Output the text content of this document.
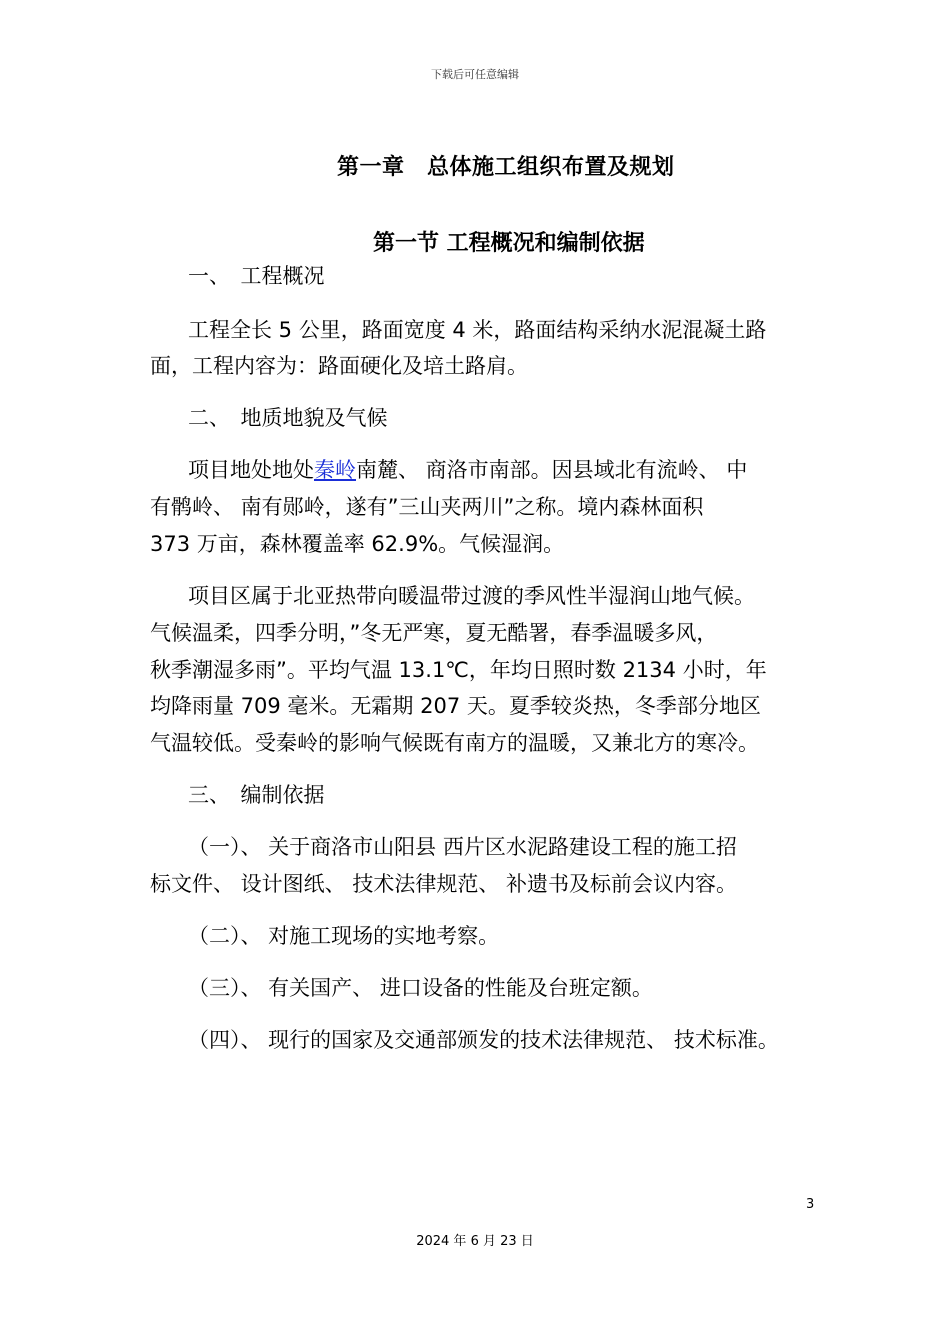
下载后可任意编辑
第一章　总体施工组织布置及规划
第一节 工程概况和编制依据
一、　工程概况
工程全长 5 公里，路面宽度 4 米，路面结构采纳水泥混凝土路
面，工程内容为：路面硬化及培土路肩。
二、　地质地貌及气候
项目地处地处秦岭南麓、 商洛市南部。因县域北有流岭、 中
有鹘岭、 南有郧岭，遂有”三山夹两川”之称。境内森林面积
373 万亩，森林覆盖率 62.9%。气候湿润。
项目区属于北亚热带向暖温带过渡的季风性半湿润山地气候。
气候温柔，四季分明，”冬无严寒，夏无酷署，春季温暖多风，
秋季潮湿多雨”。平均气温 13.1℃，年均日照时数 2134 小时，年
均降雨量 709 毫米。无霜期 207 天。夏季较炎热，冬季部分地区
气温较低。受秦岭的影响气候既有南方的温暖，又兼北方的寒冷。
三、　编制依据
（一）、 关于商洛市山阳县 西片区水泥路建设工程的施工招
标文件、 设计图纸、 技术法律规范、 补遗书及标前会议内容。
（二）、 对施工现场的实地考察。
（三）、 有关国产、 进口设备的性能及台班定额。
（四）、 现行的国家及交通部颁发的技术法律规范、 技术标准。
3
2024 年 6 月 23 日
